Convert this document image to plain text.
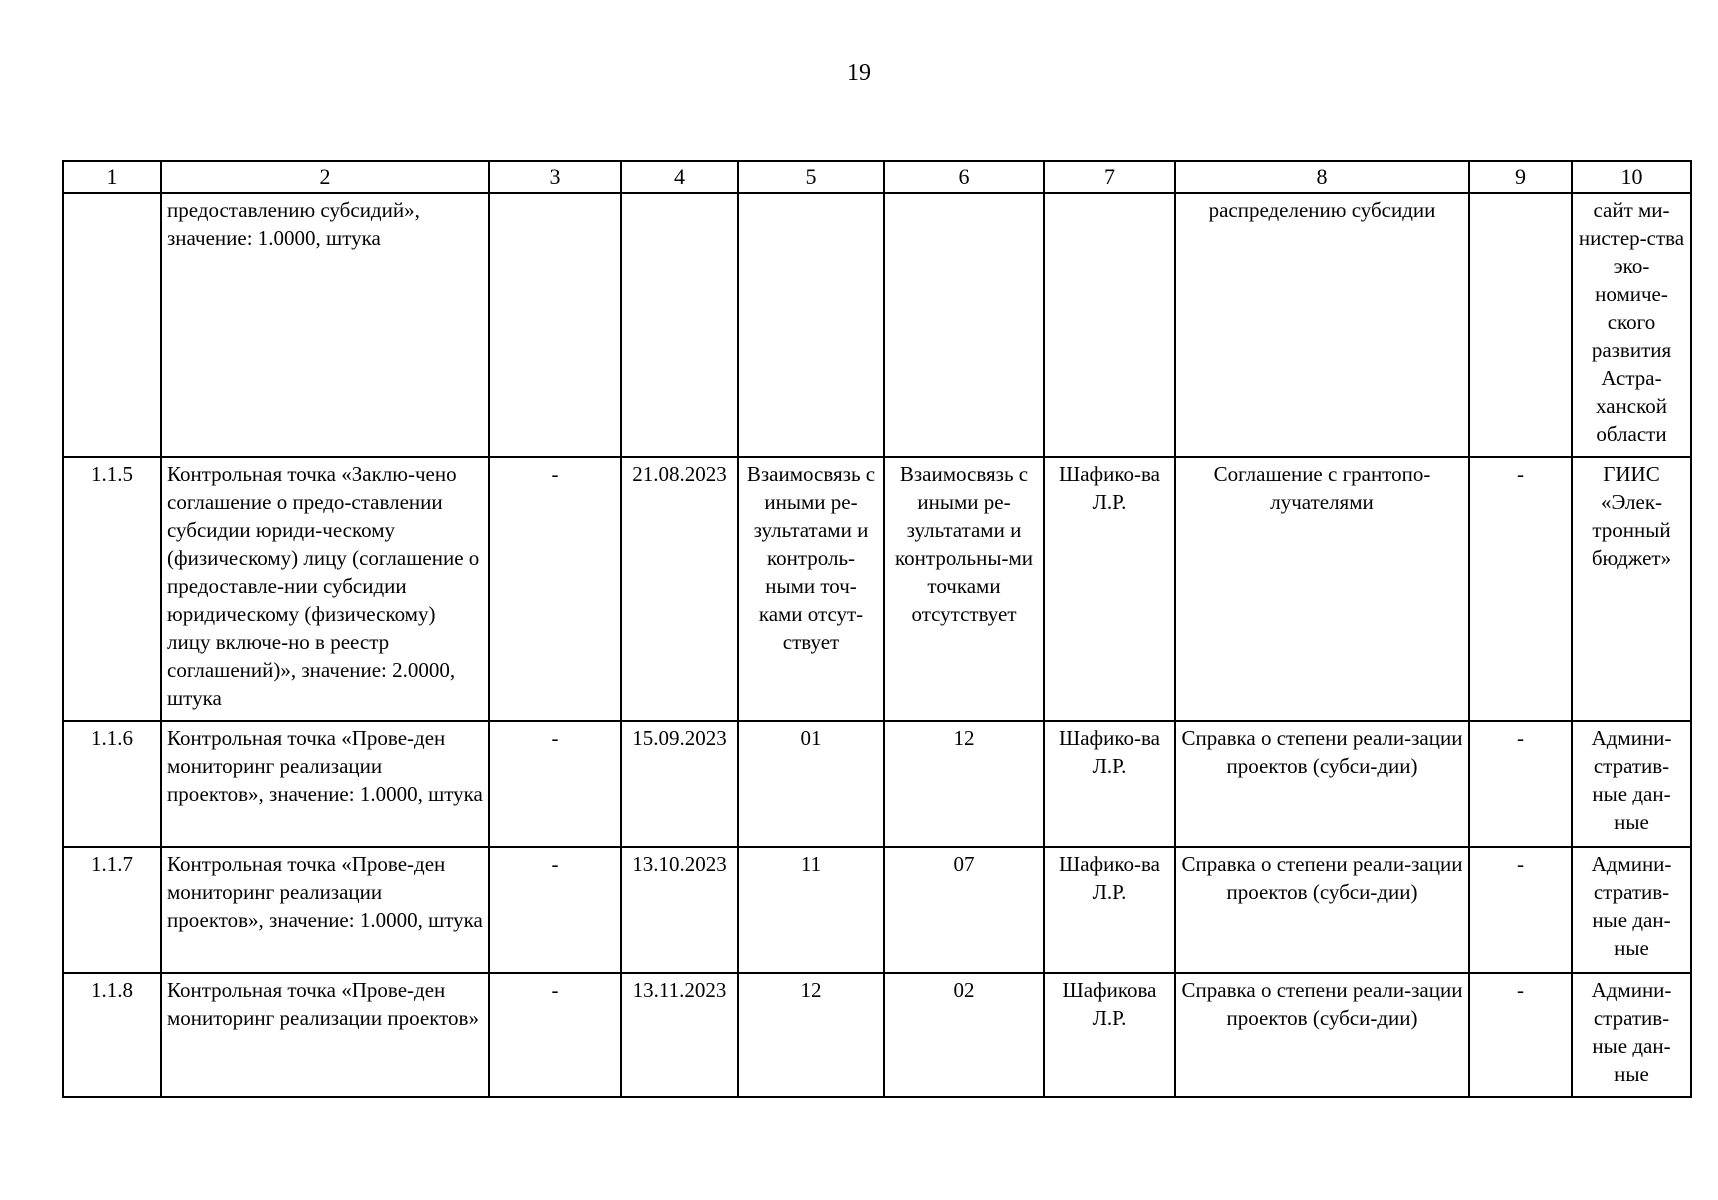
19
1	2	3	4	5	6	7	8	9	10
	предоставлению субсидий», значение: 1.0000, штука						распределению субсидии		сайт ми-нистер-ства эко-номиче-ского развития Астра-ханской области
1.1.5	Контрольная точка «Заклю-чено соглашение о предо-ставлении субсидии юриди-ческому (физическому) лицу (соглашение о предоставле-нии субсидии юридическому (физическому) лицу включе-но в реестр соглашений)», значение: 2.0000, штука	-	21.08.2023	Взаимосвязь с иными ре-зультатами и контроль-ными точ-ками отсут-ствует	Взаимосвязь с иными ре-зультатами и контрольны-ми точками отсутствует	Шафико-ва Л.Р.	Соглашение с грантопо-лучателями	-	ГИИС «Элек-тронный бюджет»
1.1.6	Контрольная точка «Прове-ден мониторинг реализации проектов», значение: 1.0000, штука	-	15.09.2023	01	12	Шафико-ва Л.Р.	Справка о степени реали-зации проектов (субси-дии)	-	Админи-стратив-ные дан-ные
1.1.7	Контрольная точка «Прове-ден мониторинг реализации проектов», значение: 1.0000, штука	-	13.10.2023	11	07	Шафико-ва Л.Р.	Справка о степени реали-зации проектов (субси-дии)	-	Админи-стратив-ные дан-ные
1.1.8	Контрольная точка «Прове-ден мониторинг реализации проектов»	-	13.11.2023	12	02	Шафикова Л.Р.	Справка о степени реали-зации проектов (субси-дии)	-	Админи-стратив-ные дан-ные
